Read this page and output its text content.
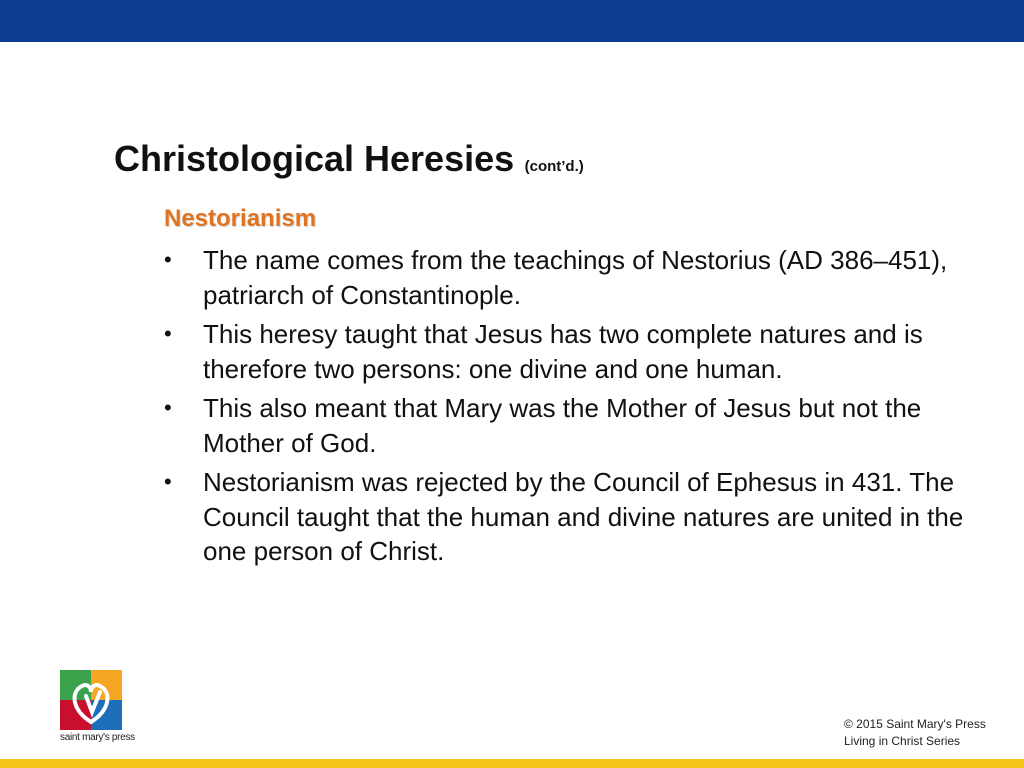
Christological Heresies (cont’d.)
Nestorianism
• The name comes from the teachings of Nestorius (AD 386–451), patriarch of Constantinople.
• This heresy taught that Jesus has two complete natures and is therefore two persons: one divine and one human.
• This also meant that Mary was the Mother of Jesus but not the Mother of God.
• Nestorianism was rejected by the Council of Ephesus in 431. The Council taught that the human and divine natures are united in the one person of Christ.
saint mary's press
© 2015 Saint Mary's Press
Living in Christ Series
